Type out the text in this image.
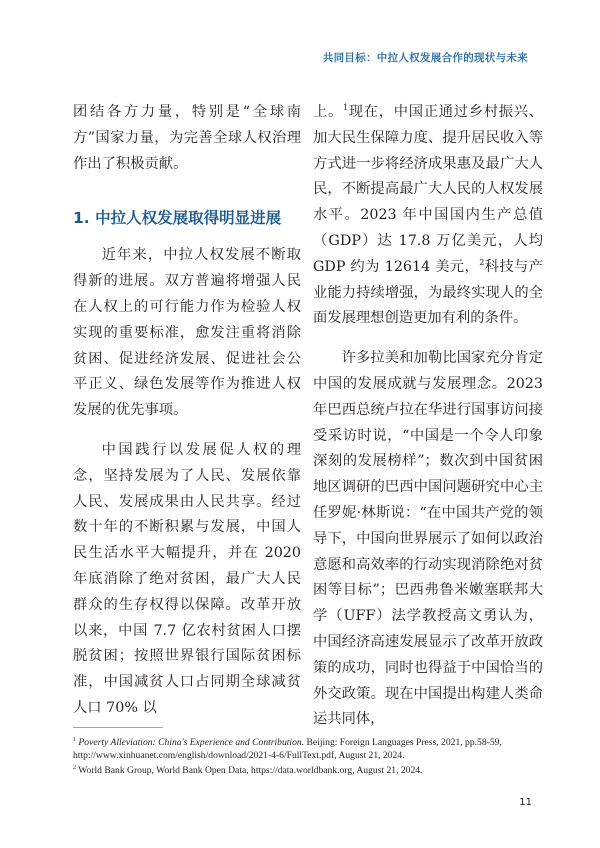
共同目标：中拉人权发展合作的现状与未来

团结各方力量，特别是“全球南方”国家力量，为完善全球人权治理作出了积极贡献。

1. 中拉人权发展取得明显进展

近年来，中拉人权发展不断取得新的进展。双方普遍将增强人民在人权上的可行能力作为检验人权实现的重要标准，愈发注重将消除贫困、促进经济发展、促进社会公平正义、绿色发展等作为推进人权发展的优先事项。

中国践行以发展促人权的理念，坚持发展为了人民、发展依靠人民、发展成果由人民共享。经过数十年的不断积累与发展，中国人民生活水平大幅提升，并在 2020 年底消除了绝对贫困，最广大人民群众的生存权得以保障。改革开放以来，中国 7.7 亿农村贫困人口摆脱贫困；按照世界银行国际贫困标准，中国减贫人口占同期全球减贫人口 70% 以

上。$^1$现在，中国正通过乡村振兴、加大民生保障力度、提升居民收入等方式进一步将经济成果惠及最广大人民，不断提高最广大人民的人权发展水平。2023 年中国国内生产总值（GDP）达 17.8 万亿美元，人均 GDP 约为 12614 美元，$^2$科技与产业能力持续增强，为最终实现人的全面发展理想创造更加有利的条件。

许多拉美和加勒比国家充分肯定中国的发展成就与发展理念。2023 年巴西总统卢拉在华进行国事访问接受采访时说，“中国是一个令人印象深刻的发展榜样”；数次到中国贫困地区调研的巴西中国问题研究中心主任罗妮·林斯说：“在中国共产党的领导下，中国向世界展示了如何以政治意愿和高效率的行动实现消除绝对贫困等目标”；巴西弗鲁米嫩塞联邦大学（UFF）法学教授高文勇认为，中国经济高速发展显示了改革开放政策的成功，同时也得益于中国恰当的外交政策。现在中国提出构建人类命运共同体，

$^1$ Poverty Alleviation: China's Experience and Contribution. Beijing: Foreign Languages Press, 2021, pp.58-59, http://www.xinhuanet.com/english/download/2021-4-6/FullText.pdf, August 21, 2024.

$^2$ World Bank Group, World Bank Open Data, https://data.worldbank.org, August 21, 2024.

11
